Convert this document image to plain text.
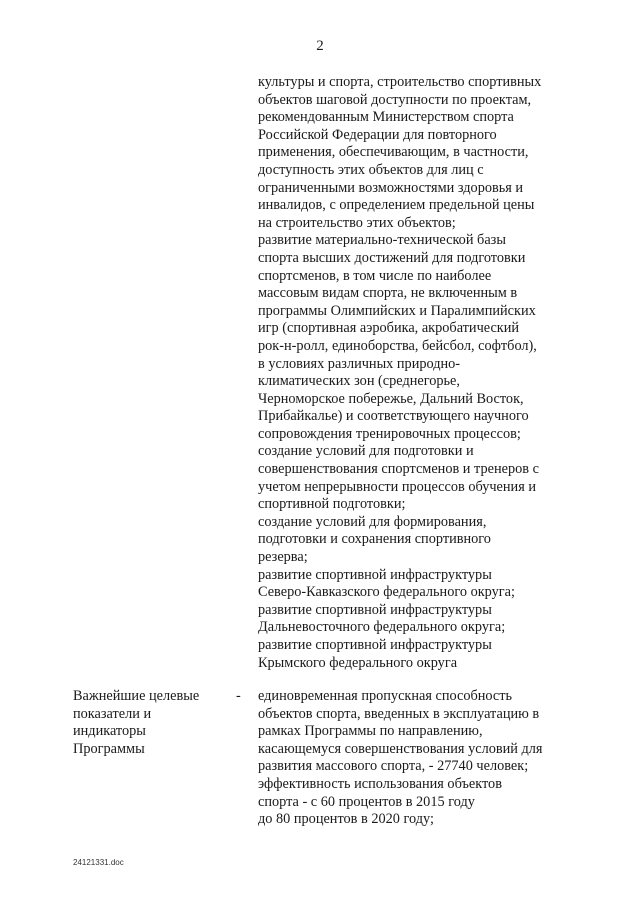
2
культуры и спорта, строительство спортивных
объектов шаговой доступности по проектам,
рекомендованным Министерством спорта
Российской Федерации для повторного
применения, обеспечивающим, в частности,
доступность этих объектов для лиц с
ограниченными возможностями здоровья и
инвалидов, с определением предельной цены
на строительство этих объектов;
развитие материально-технической базы
спорта высших достижений для подготовки
спортсменов, в том числе по наиболее
массовым видам спорта, не включенным в
программы Олимпийских и Паралимпийских
игр (спортивная аэробика, акробатический
рок-н-ролл, единоборства, бейсбол, софтбол),
в условиях различных природно-
климатических зон (среднегорье,
Черноморское побережье, Дальний Восток,
Прибайкалье) и соответствующего научного
сопровождения тренировочных процессов;
создание условий для подготовки и
совершенствования спортсменов и тренеров с
учетом непрерывности процессов обучения и
спортивной подготовки;
создание условий для формирования,
подготовки и сохранения спортивного
резерва;
развитие спортивной инфраструктуры
Северо-Кавказского федерального округа;
развитие спортивной инфраструктуры
Дальневосточного федерального округа;
развитие спортивной инфраструктуры
Крымского федерального округа
Важнейшие целевые
показатели и
индикаторы
Программы
- единовременная пропускная способность
объектов спорта, введенных в эксплуатацию в
рамках Программы по направлению,
касающемуся совершенствования условий для
развития массового спорта, - 27740 человек;
эффективность использования объектов
спорта - с 60 процентов в 2015 году
до 80 процентов в 2020 году;
24121331.doc
